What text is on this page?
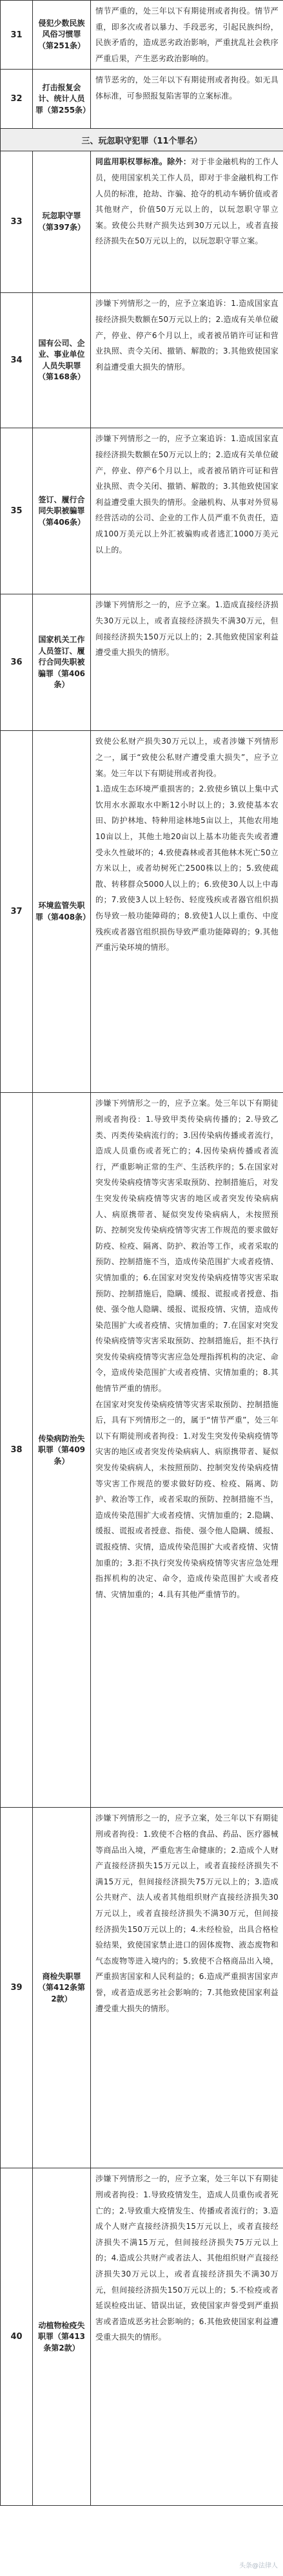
31	侵犯少数民族风俗习惯罪（第251条）	情节严重的，处三年以下有期徒刑或者拘役。情节严重，即多次或者以暴力、手段恶劣，引起民族纠纷，民族矛盾的，造成恶劣政治影响，严重扰乱社会秩序严重后果，产生恶劣政治影响的。

32	打击报复会计、统计人员罪（第255条）	情节恶劣的，处三年以下有期徒刑或者拘役。如无具体标准，可参照报复陷害罪的立案标准。

三、玩忽职守犯罪（11个罪名）		
33	玩忽职守罪（第397条）	同监用职权罪标准。除外：对于非金融机构的工作人员，使用国家机关工作人员，即对于非金融机构工作人员的标准，抢劫、诈骗、抢夺的机动车辆价值或者其他财产，价值50万元以上的，以玩忽职守罪立案。致使公共财产损失达到30万元以上，或者直接经济损失在50万元以上的，以玩忽职守罪立案。

34	国有公司、企业、事业单位人员失职罪（第168条）	涉嫌下列情形之一的，应予立案追诉：1.造成国家直接经济损失数额在50万元以上的；2.造成有关单位破产，停业、停产6个月以上，或者被吊销许可证和营业执照、责令关闭、撤销、解散的；3.其他致使国家利益遭受重大损失的情形。

35	签订、履行合同失职被骗罪（第406条）	涉嫌下列情形之一的，应予立案追诉：1.造成国家直接经济损失数额在50万元以上的；2.造成有关单位破产，停业、停产6个月以上，或者被吊销许可证和营业执照、责令关闭、撤销、解散的；3.其他致使国家利益遭受重大损失的情形。金融机构、从事对外贸易经营活动的公司、企业的工作人员严重不负责任，造成100万美元以上外汇被骗购或者逃汇1000万美元以上的。

36	国家机关工作人员签订、履行合同失职被骗罪（第406条）	涉嫌下列情形之一的，应予立案。1.造成直接经济损失30万元以上，或者直接经济损失不满30万元，但间接经济损失150万元以上的；2.其他致使国家利益遭受重大损失的情形。

37	环境监管失职罪（第408条）	致使公私财产损失30万元以上，或者涉嫌下列情形之一，属于“致使公私财产遭受重大损失”，应予立案。处三年以下有期徒刑或者拘役。
1.造成生态环境严重损害的；2.致使乡镇以上集中式饮用水水源取水中断12小时以上的；3.致使基本农田、防护林地、特种用途林地5亩以上，其他农用地10亩以上，其他土地20亩以上基本功能丧失或者遭受永久性破坏的；4.致使森林或者其他林木死亡50立方米以上，或者幼树死亡2500株以上的；5.致使疏散、转移群众5000人以上的；6.致使30人以上中毒的；7.致使3人以上轻伤、轻度残疾或者器官组织损伤导致一般功能障碍的；8.致使1人以上重伤、中度残疾或者器官组织损伤导致严重功能障碍的；9.其他严重污染环境的情形。

38	传染病防治失职罪（第409条）	涉嫌下列情形之一的，应予立案。处三年以下有期徒刑或者拘役：1.导致甲类传染病传播的；2.导致乙类、丙类传染病流行的；3.因传染病传播或者流行，造成人员重伤或者死亡的；4.因传染病传播或者流行，严重影响正常的生产、生活秩序的；5.在国家对突发传染病疫情等灾害采取预防、控制措施后，对发生突发传染病疫情等灾害的地区或者突发传染病病人、病原携带者、疑似突发传染病病人，未按照预防、控制突发传染病疫情等灾害工作规范的要求做好防疫、检疫、隔离、防护、救治等工作，或者采取的预防、控制措施不当，造成传染范围扩大或者疫情、灾情加重的；6.在国家对突发传染病疫情等灾害采取预防、控制措施后，隐瞒、缓报、谎报或者授意、指使、强令他人隐瞒、缓报、谎报疫情、灾情，造成传染范围扩大或者疫情、灾情加重的；7.在国家对突发传染病疫情等灾害采取预防、控制措施后，拒不执行突发传染病疫情等灾害应急处理指挥机构的决定、命令，造成传染范围扩大或者疫情、灾情加重的；8.其他情节严重的情形。
在国家对突发传染病疫情等灾害采取预防、控制措施后，具有下列情形之一的，属于“情节严重”，处三年以下有期徒刑或者拘役：1.对发生突发传染病疫情等灾害的地区或者突发传染病病人、病原携带者、疑似突发传染病病人，未按照预防、控制突发传染病疫情等灾害工作规范的要求做好防疫、检疫、隔离、防护、救治等工作，或者采取的预防、控制措施不当，造成传染范围扩大或者疫情、灾情加重的；2.隐瞒、缓报、谎报或者授意、指使、强令他人隐瞒、缓报、谎报疫情、灾情，造成传染范围扩大或者疫情、灾情加重的；3.拒不执行突发传染病疫情等灾害应急处理指挥机构的决定、命令，造成传染范围扩大或者疫情、灾情加重的；4.具有其他严重情节的。

39	商检失职罪（第412条第2款）	涉嫌下列情形之一的，应予立案，处三年以下有期徒刑或者拘役：1.致使不合格的食品、药品、医疗器械等商品出入境，严重危害生命健康的；2.造成个人财产直接经济损失15万元以上，或者直接经济损失不满15万元，但间接经济损失75万元以上的；3.造成公共财产、法人或者其他组织财产直接经济损失30万元以上，或者直接经济损失不满30万元，但间接经济损失150万元以上的；4.未经检验，出具合格检验结果，致使国家禁止进口的固体废物、液态废物和气态废物等进入境内的；5.致使不合格商品出入境，严重损害国家和人民利益的；6.造成严重损害国家声誉，或者造成恶劣社会影响的；7.其他致使国家利益遭受重大损失的情形。

40	动植物检疫失职罪（第413条第2款）	涉嫌下列情形之一的，应予立案，处三年以下有期徒刑或者拘役：1.导致疫情发生，造成人员重伤或者死亡的；2.导致重大疫情发生、传播或者流行的；3.造成个人财产直接经济损失15万元以上，或者直接经济损失不满15万元，但间接经济损失75万元以上的；4.造成公共财产或者法人、其他组织财产直接经济损失30万元以上，或者直接经济损失不满30万元，但间接经济损失150万元以上的；5.不检疫或者延误检疫出证、错误出证，致使国家声誉受到严重损害或者造成恶劣社会影响的；6.其他致使国家利益遭受重大损失的情形。
头条@法律人
